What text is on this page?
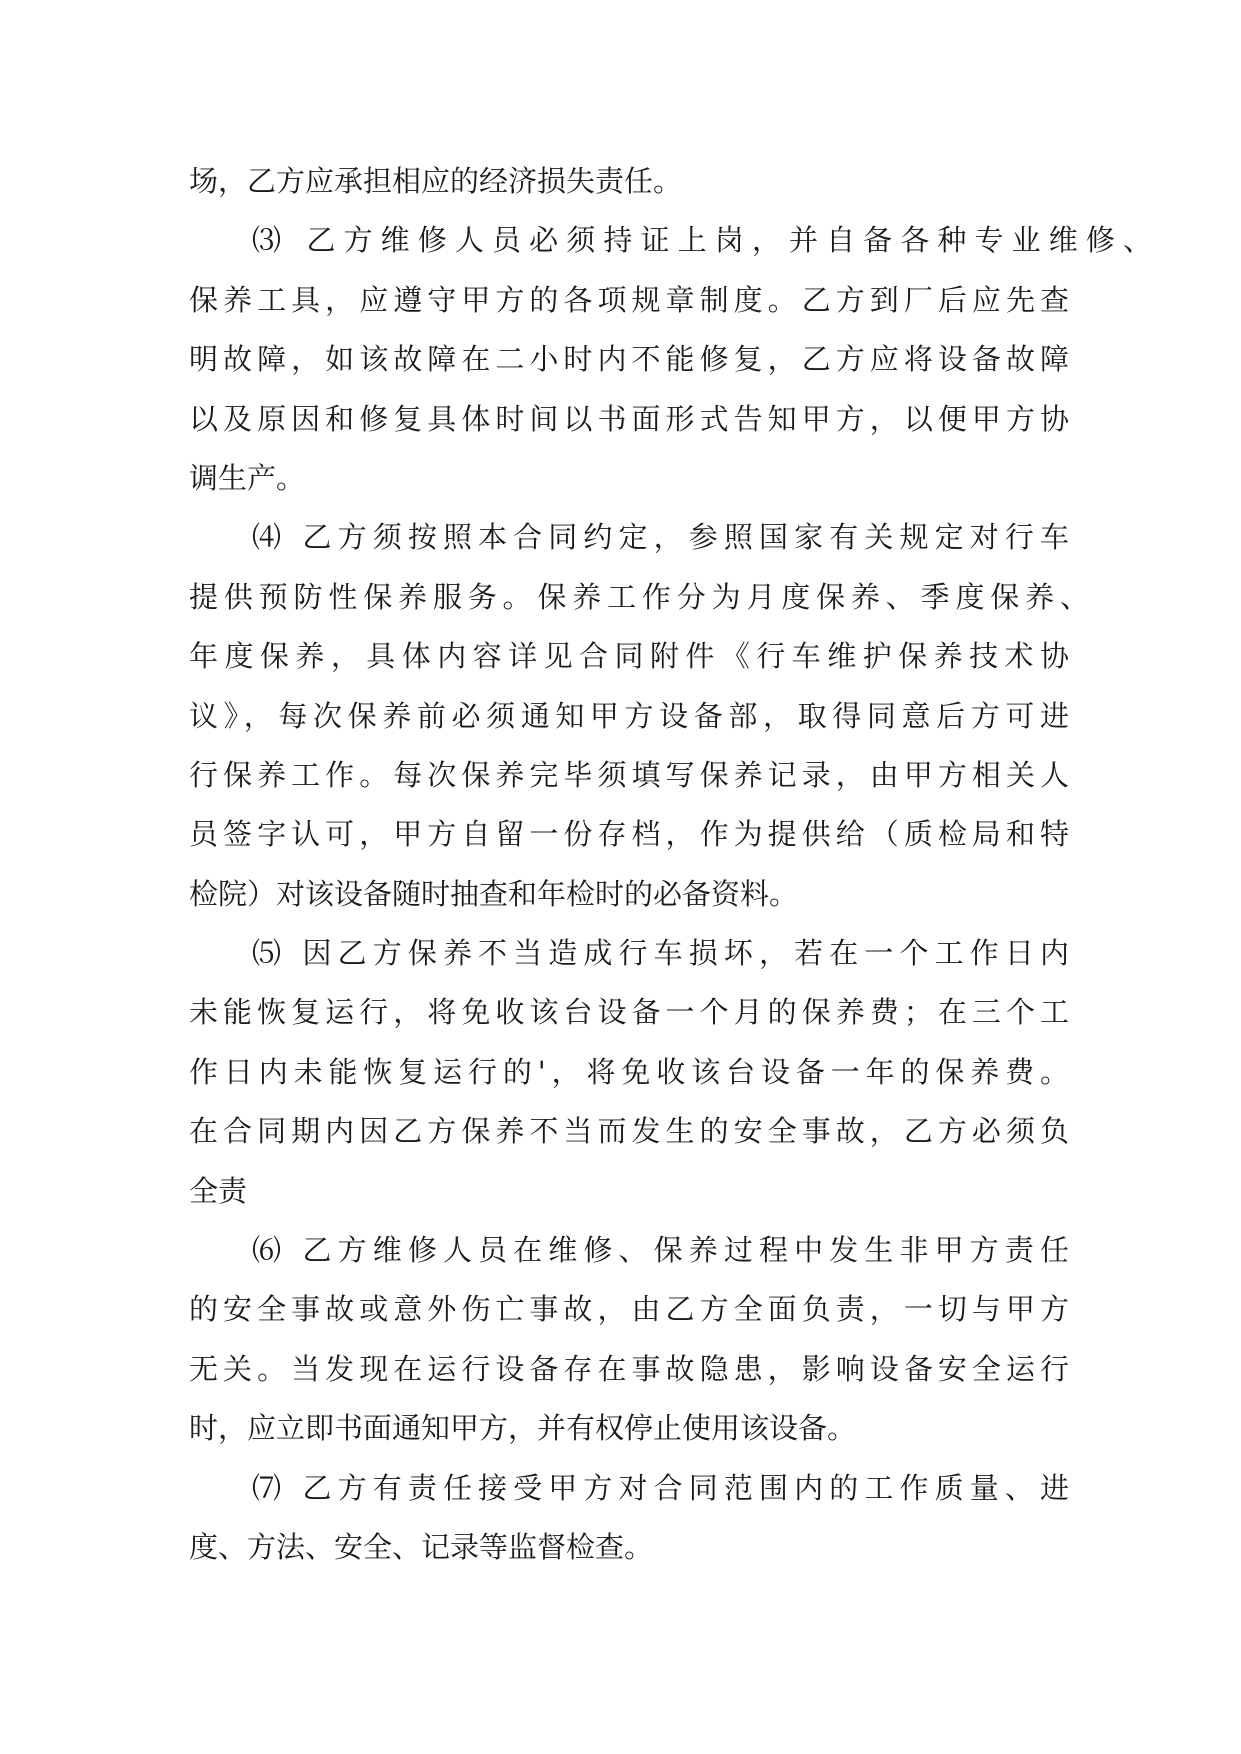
场，乙方应承担相应的经济损失责任。
⑶ 乙方维修人员必须持证上岗，并自备各种专业维修、
保养工具，应遵守甲方的各项规章制度。乙方到厂后应先查
明故障，如该故障在二小时内不能修复，乙方应将设备故障
以及原因和修复具体时间以书面形式告知甲方，以便甲方协
调生产。
⑷ 乙方须按照本合同约定，参照国家有关规定对行车
提供预防性保养服务。保养工作分为月度保养、季度保养、
年度保养，具体内容详见合同附件《行车维护保养技术协
议》，每次保养前必须通知甲方设备部，取得同意后方可进
行保养工作。每次保养完毕须填写保养记录，由甲方相关人
员签字认可，甲方自留一份存档，作为提供给（质检局和特
检院）对该设备随时抽查和年检时的必备资料。
⑸ 因乙方保养不当造成行车损坏，若在一个工作日内
未能恢复运行，将免收该台设备一个月的保养费；在三个工
作日内未能恢复运行的'，将免收该台设备一年的保养费。
在合同期内因乙方保养不当而发生的安全事故，乙方必须负
全责
⑹ 乙方维修人员在维修、保养过程中发生非甲方责任
的安全事故或意外伤亡事故，由乙方全面负责，一切与甲方
无关。当发现在运行设备存在事故隐患，影响设备安全运行
时，应立即书面通知甲方，并有权停止使用该设备。
⑺ 乙方有责任接受甲方对合同范围内的工作质量、进
度、方法、安全、记录等监督检查。
